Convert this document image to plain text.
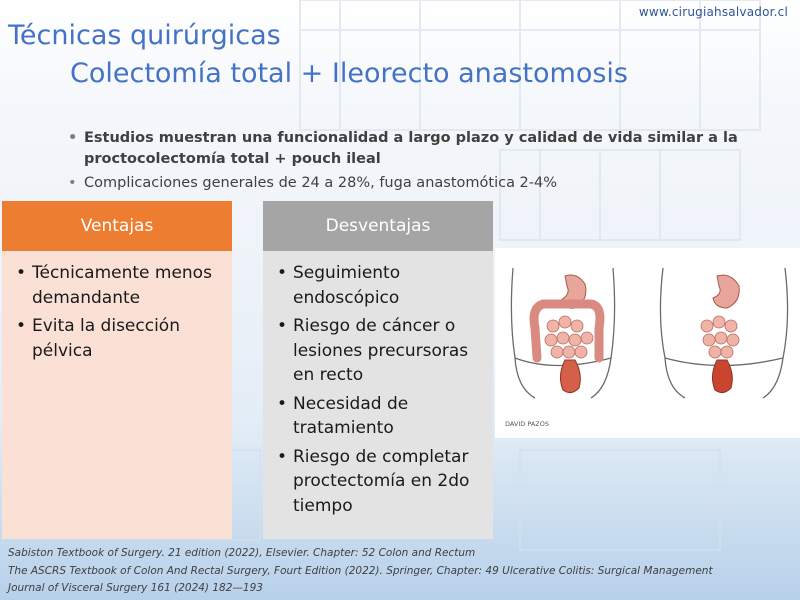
www.cirugiahsalvador.cl
Técnicas quirúrgicas
Colectomía total + Ileorecto anastomosis
• Estudios muestran una funcionalidad a largo plazo y calidad de vida similar a la proctocolectomía total + pouch ileal
• Complicaciones generales de 24 a 28%, fuga anastomótica 2-4%
Ventajas
• Técnicamente menos demandante
• Evita la disección pélvica
Desventajas
• Seguimiento endoscópico
• Riesgo de cáncer o lesiones precursoras en recto
• Necesidad de tratamiento
• Riesgo de completar proctectomía en 2do tiempo
DAVID PAZOS
Sabiston Textbook of Surgery. 21 edition (2022), Elsevier. Chapter: 52 Colon and Rectum
The ASCRS Textbook of Colon And Rectal Surgery, Fourt Edition (2022). Springer, Chapter: 49 Ulcerative Colitis: Surgical Management
Journal of Visceral Surgery 161 (2024) 182—193
